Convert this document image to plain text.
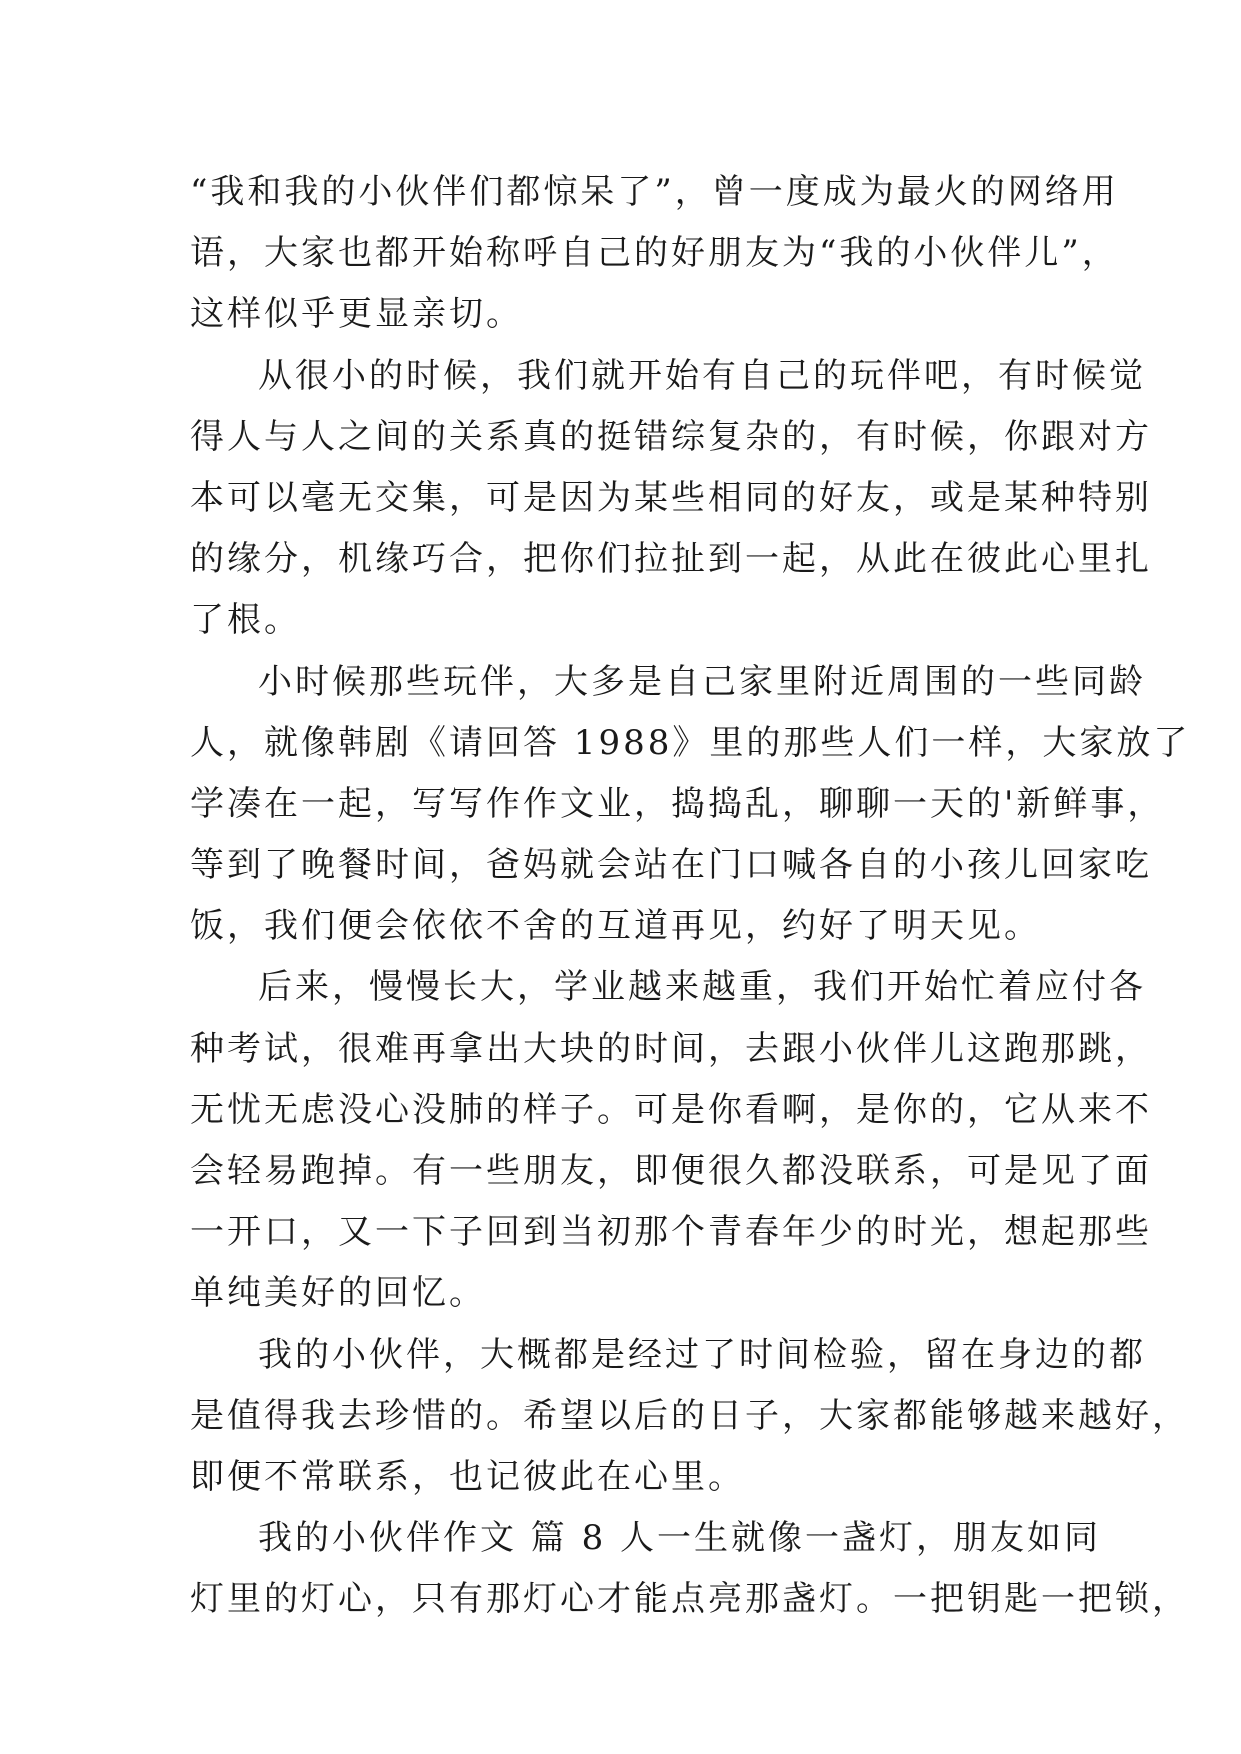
“我和我的小伙伴们都惊呆了”，曾一度成为最火的网络用
语，大家也都开始称呼自己的好朋友为“我的小伙伴儿”，
这样似乎更显亲切。
从很小的时候，我们就开始有自己的玩伴吧，有时候觉
得人与人之间的关系真的挺错综复杂的，有时候，你跟对方
本可以毫无交集，可是因为某些相同的好友，或是某种特别
的缘分，机缘巧合，把你们拉扯到一起，从此在彼此心里扎
了根。
小时候那些玩伴，大多是自己家里附近周围的一些同龄
人，就像韩剧《请回答 1988》里的那些人们一样，大家放了
学凑在一起，写写作作文业，捣捣乱，聊聊一天的'新鲜事，
等到了晚餐时间，爸妈就会站在门口喊各自的小孩儿回家吃
饭，我们便会依依不舍的互道再见，约好了明天见。
后来，慢慢长大，学业越来越重，我们开始忙着应付各
种考试，很难再拿出大块的时间，去跟小伙伴儿这跑那跳，
无忧无虑没心没肺的样子。可是你看啊，是你的，它从来不
会轻易跑掉。有一些朋友，即便很久都没联系，可是见了面
一开口，又一下子回到当初那个青春年少的时光，想起那些
单纯美好的回忆。
我的小伙伴，大概都是经过了时间检验，留在身边的都
是值得我去珍惜的。希望以后的日子，大家都能够越来越好，
即便不常联系，也记彼此在心里。
我的小伙伴作文 篇 8 人一生就像一盏灯，朋友如同
灯里的灯心，只有那灯心才能点亮那盏灯。一把钥匙一把锁，
